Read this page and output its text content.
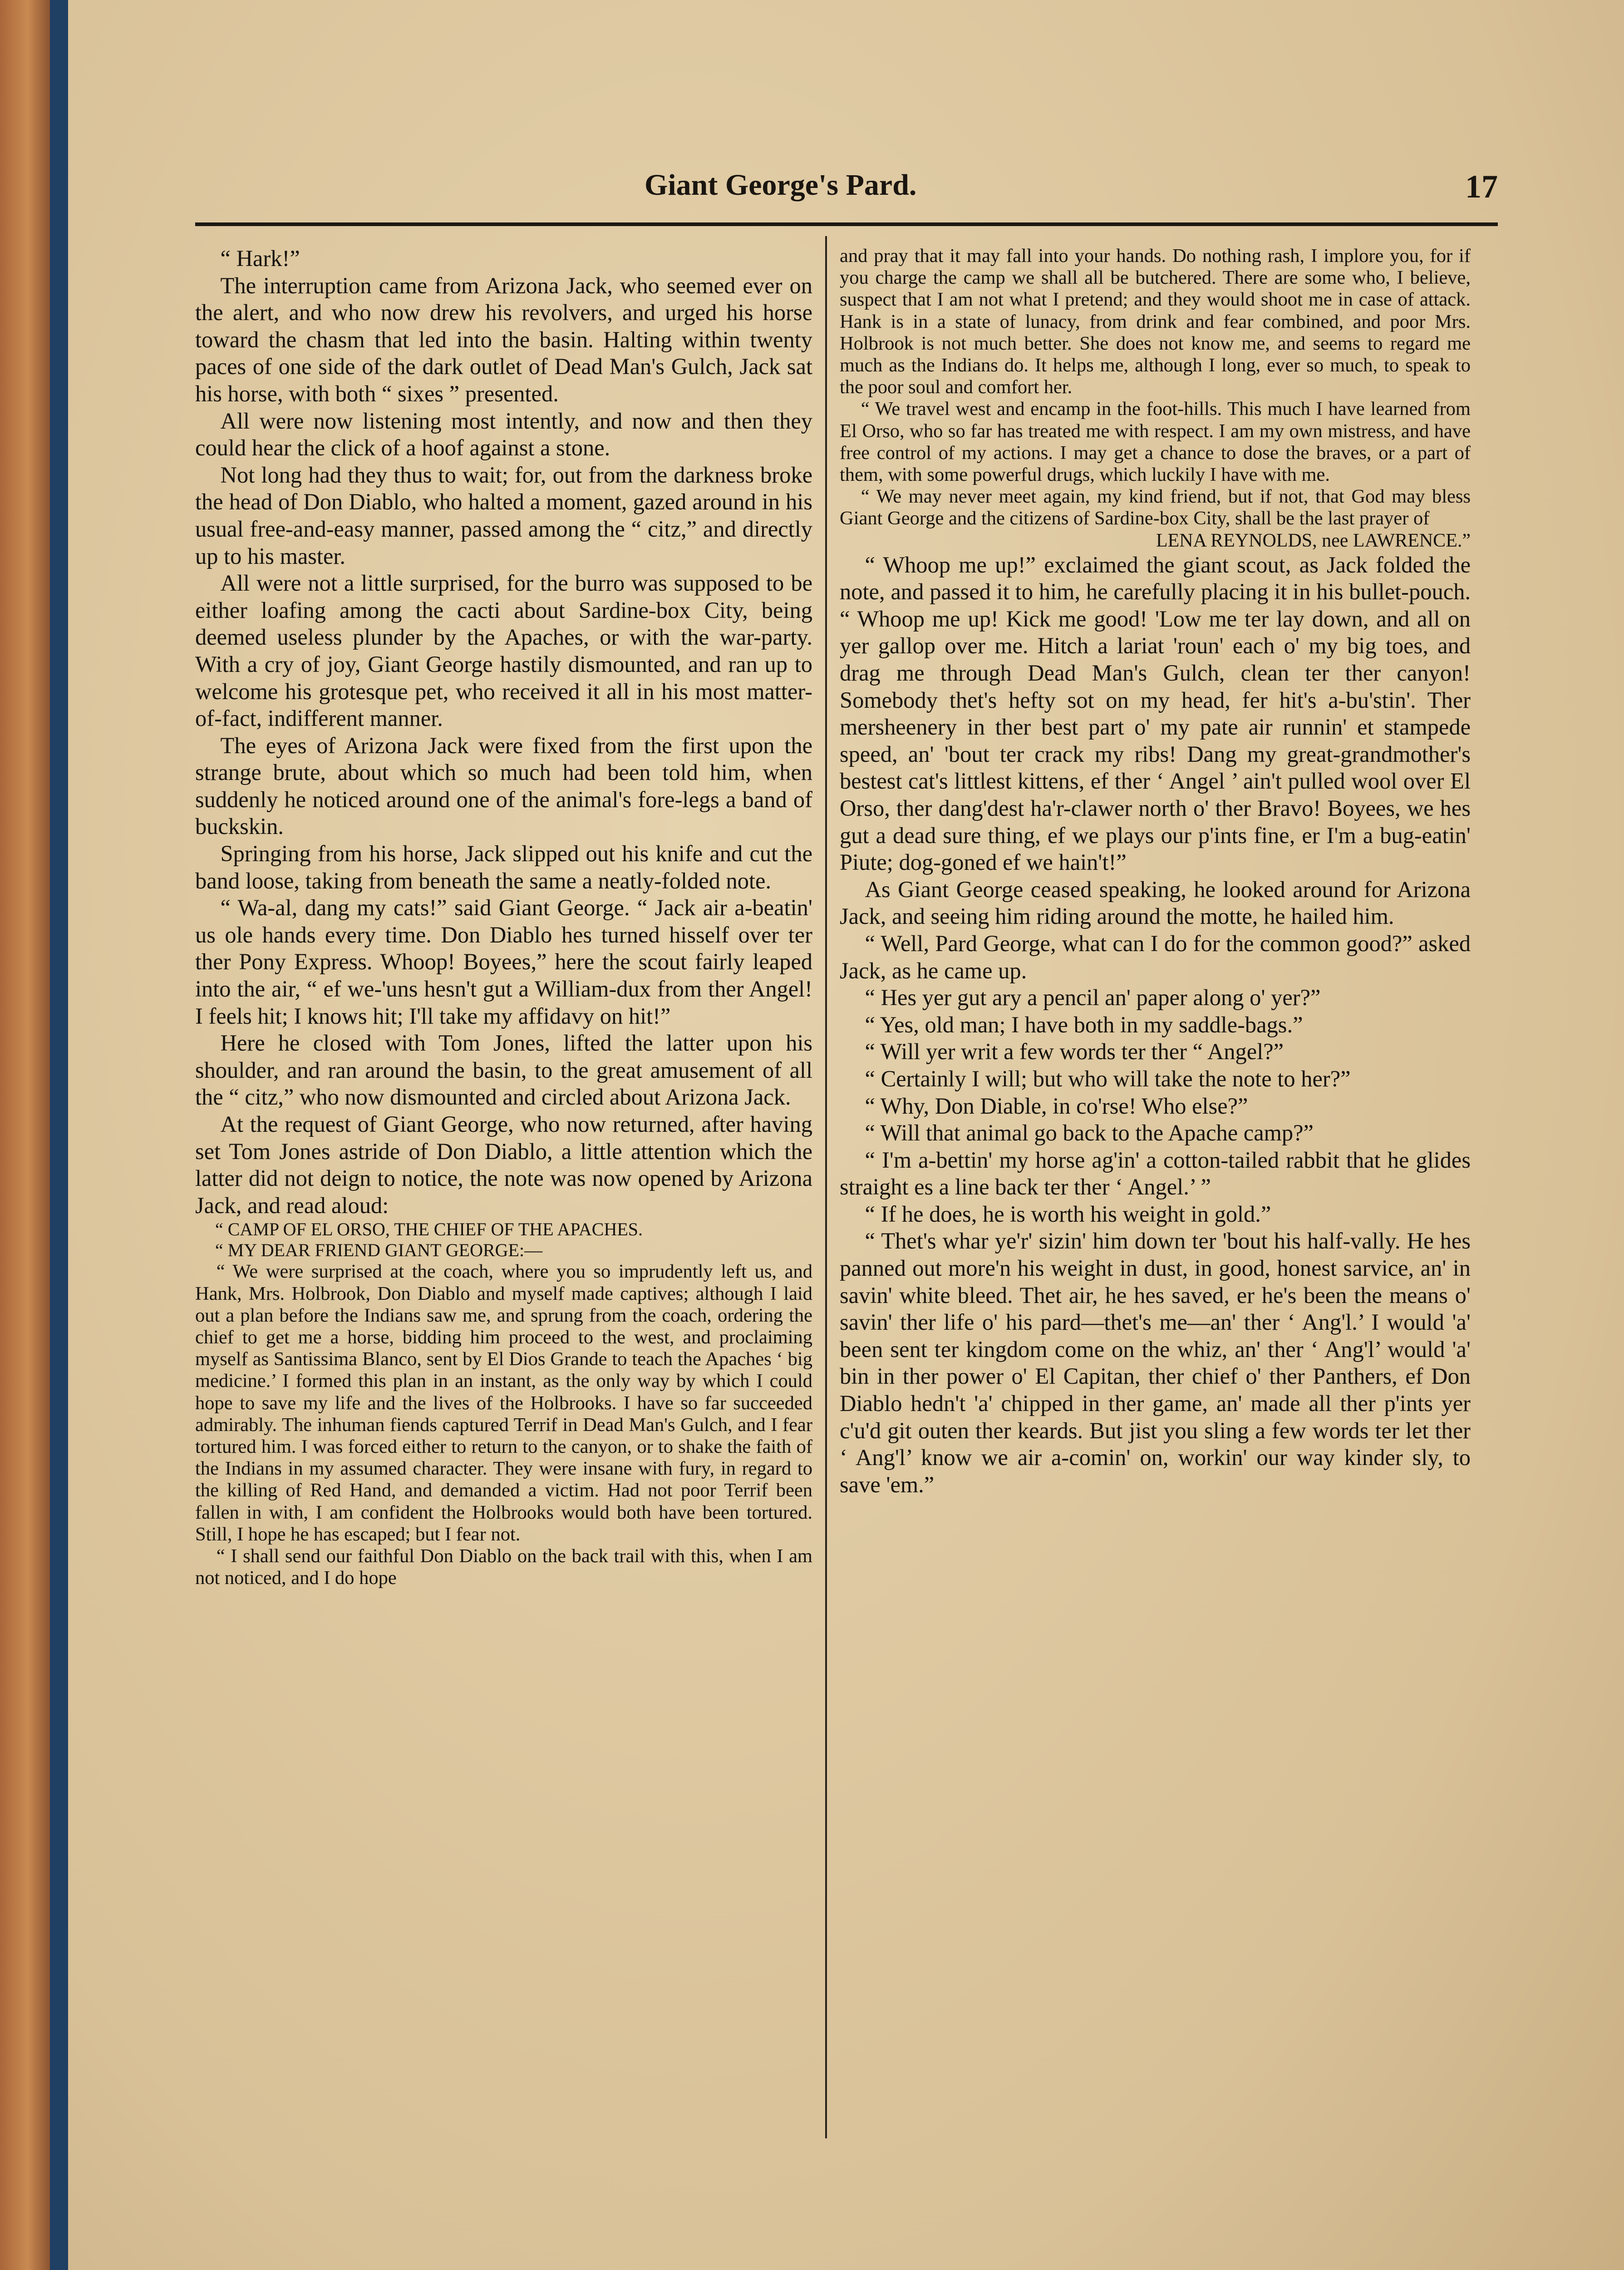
Giant George's Pard.	17

“ Hark!”

The interruption came from Arizona Jack, who seemed ever on the alert, and who now drew his revolvers, and urged his horse toward the chasm that led into the basin. Halting within twenty paces of one side of the dark outlet of Dead Man's Gulch, Jack sat his horse, with both “ sixes ” presented.

All were now listening most intently, and now and then they could hear the click of a hoof against a stone.

Not long had they thus to wait; for, out from the darkness broke the head of Don Diablo, who halted a moment, gazed around in his usual free-and-easy manner, passed among the “ citz,” and directly up to his master.

All were not a little surprised, for the burro was supposed to be either loafing among the cacti about Sardine-box City, being deemed useless plunder by the Apaches, or with the war-party. With a cry of joy, Giant George hastily dismounted, and ran up to welcome his grotesque pet, who received it all in his most matter-of-fact, indifferent manner.

The eyes of Arizona Jack were fixed from the first upon the strange brute, about which so much had been told him, when suddenly he noticed around one of the animal's fore-legs a band of buckskin.

Springing from his horse, Jack slipped out his knife and cut the band loose, taking from beneath the same a neatly-folded note.

“ Wa-al, dang my cats!” said Giant George. “ Jack air a-beatin' us ole hands every time. Don Diablo hes turned hisself over ter ther Pony Express. Whoop! Boyees,” here the scout fairly leaped into the air, “ ef we-'uns hesn't gut a William-dux from ther Angel! I feels hit; I knows hit; I'll take my affidavy on hit!”

Here he closed with Tom Jones, lifted the latter upon his shoulder, and ran around the basin, to the great amusement of all the “ citz,” who now dismounted and circled about Arizona Jack.

At the request of Giant George, who now returned, after having set Tom Jones astride of Don Diablo, a little attention which the latter did not deign to notice, the note was now opened by Arizona Jack, and read aloud:

“ CAMP OF EL ORSO, THE CHIEF OF THE APACHES.

“ MY DEAR FRIEND GIANT GEORGE:—

“ We were surprised at the coach, where you so imprudently left us, and Hank, Mrs. Holbrook, Don Diablo and myself made captives; although I laid out a plan before the Indians saw me, and sprung from the coach, ordering the chief to get me a horse, bidding him proceed to the west, and proclaiming myself as Santissima Blanco, sent by El Dios Grande to teach the Apaches ‘ big medicine.’ I formed this plan in an instant, as the only way by which I could hope to save my life and the lives of the Holbrooks. I have so far succeeded admirably. The inhuman fiends captured Terrif in Dead Man's Gulch, and I fear tortured him. I was forced either to return to the canyon, or to shake the faith of the Indians in my assumed character. They were insane with fury, in regard to the killing of Red Hand, and demanded a victim. Had not poor Terrif been fallen in with, I am confident the Holbrooks would both have been tortured. Still, I hope he has escaped; but I fear not.

“ I shall send our faithful Don Diablo on the back trail with this, when I am not noticed, and I do hope

and pray that it may fall into your hands. Do nothing rash, I implore you, for if you charge the camp we shall all be butchered. There are some who, I believe, suspect that I am not what I pretend; and they would shoot me in case of attack. Hank is in a state of lunacy, from drink and fear combined, and poor Mrs. Holbrook is not much better. She does not know me, and seems to regard me much as the Indians do. It helps me, although I long, ever so much, to speak to the poor soul and comfort her.

“ We travel west and encamp in the foot-hills. This much I have learned from El Orso, who so far has treated me with respect. I am my own mistress, and have free control of my actions. I may get a chance to dose the braves, or a part of them, with some powerful drugs, which luckily I have with me.

“ We may never meet again, my kind friend, but if not, that God may bless Giant George and the citizens of Sardine-box City, shall be the last prayer of

LENA REYNOLDS, nee LAWRENCE.”

“ Whoop me up!” exclaimed the giant scout, as Jack folded the note, and passed it to him, he carefully placing it in his bullet-pouch. “ Whoop me up! Kick me good! 'Low me ter lay down, and all on yer gallop over me. Hitch a lariat 'roun' each o' my big toes, and drag me through Dead Man's Gulch, clean ter ther canyon! Somebody thet's hefty sot on my head, fer hit's a-bu'stin'. Ther mersheenery in ther best part o' my pate air runnin' et stampede speed, an' 'bout ter crack my ribs! Dang my great-grandmother's bestest cat's littlest kittens, ef ther ‘ Angel ’ ain't pulled wool over El Orso, ther dang'dest ha'r-clawer north o' ther Bravo! Boyees, we hes gut a dead sure thing, ef we plays our p'ints fine, er I'm a bug-eatin' Piute; dog-goned ef we hain't!”

As Giant George ceased speaking, he looked around for Arizona Jack, and seeing him riding around the motte, he hailed him.

“ Well, Pard George, what can I do for the common good?” asked Jack, as he came up.

“ Hes yer gut ary a pencil an' paper along o' yer?”

“ Yes, old man; I have both in my saddle-bags.”

“ Will yer writ a few words ter ther “ Angel?”

“ Certainly I will; but who will take the note to her?”

“ Why, Don Diable, in co'rse! Who else?”

“ Will that animal go back to the Apache camp?”

“ I'm a-bettin' my horse ag'in' a cotton-tailed rabbit that he glides straight es a line back ter ther ‘ Angel.’ ”

“ If he does, he is worth his weight in gold.”

“ Thet's whar ye'r' sizin' him down ter 'bout his half-vally. He hes panned out more'n his weight in dust, in good, honest sarvice, an' in savin' white bleed. Thet air, he hes saved, er he's been the means o' savin' ther life o' his pard—thet's me—an' ther ‘ Ang'l.’ I would 'a' been sent ter kingdom come on the whiz, an' ther ‘ Ang'l’ would 'a' bin in ther power o' El Capitan, ther chief o' ther Panthers, ef Don Diablo hedn't 'a' chipped in ther game, an' made all ther p'ints yer c'u'd git outen ther keards. But jist you sling a few words ter let ther ‘ Ang'l’ know we air a-comin' on, workin' our way kinder sly, to save 'em.”
